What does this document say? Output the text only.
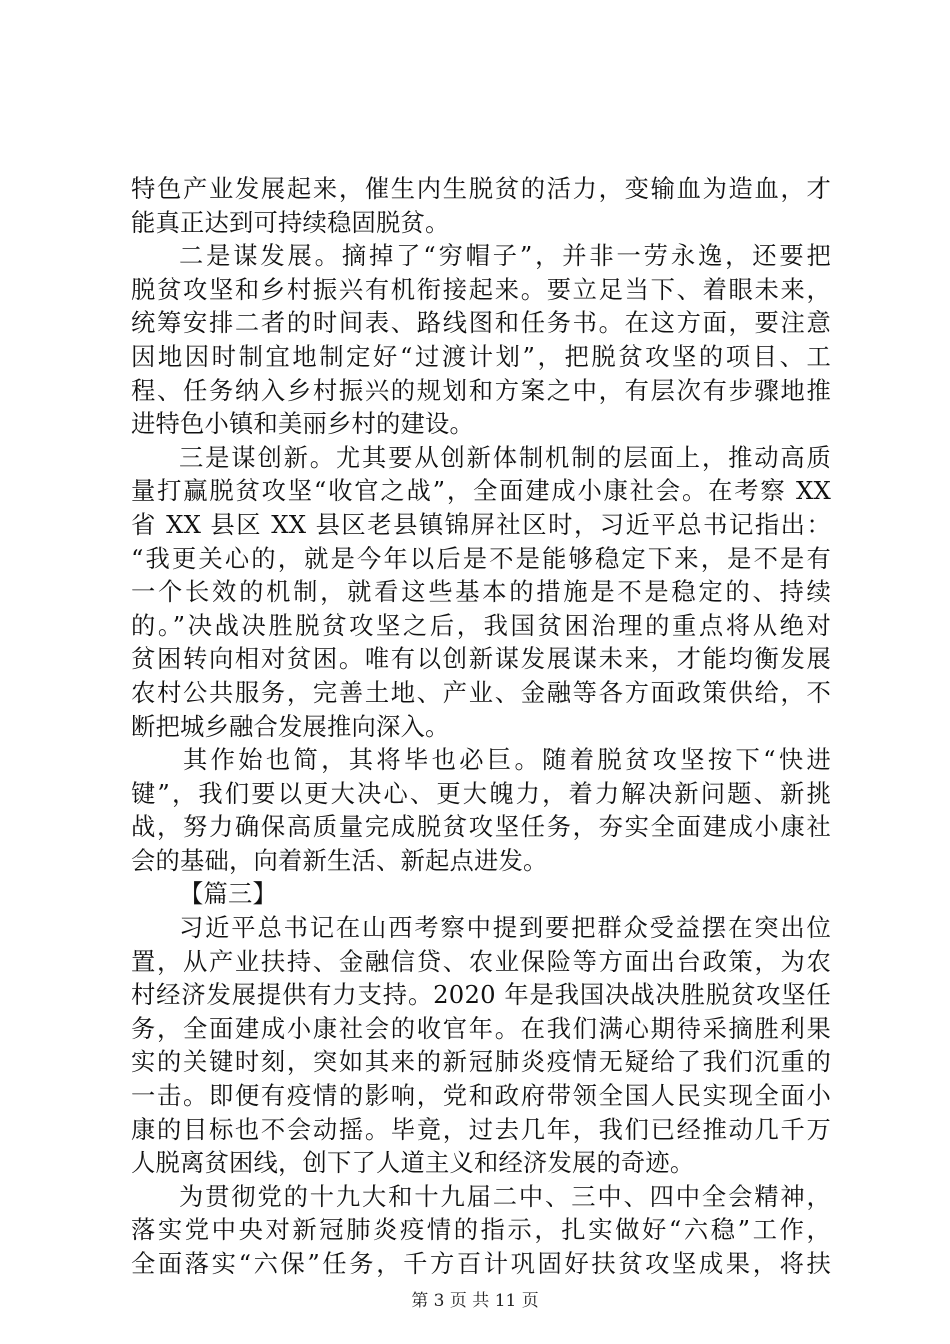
特色产业发展起来，催生内生脱贫的活力，变输血为造血，才
能真正达到可持续稳固脱贫。
二是谋发展。摘掉了“穷帽子”，并非一劳永逸，还要把
脱贫攻坚和乡村振兴有机衔接起来。要立足当下、着眼未来，
统筹安排二者的时间表、路线图和任务书。在这方面，要注意
因地因时制宜地制定好“过渡计划”，把脱贫攻坚的项目、工
程、任务纳入乡村振兴的规划和方案之中，有层次有步骤地推
进特色小镇和美丽乡村的建设。
三是谋创新。尤其要从创新体制机制的层面上，推动高质
量打赢脱贫攻坚“收官之战”，全面建成小康社会。在考察 XX
省 XX 县区 XX 县区老县镇锦屏社区时，习近平总书记指出：
“我更关心的，就是今年以后是不是能够稳定下来，是不是有
一个长效的机制，就看这些基本的措施是不是稳定的、持续
的。”决战决胜脱贫攻坚之后，我国贫困治理的重点将从绝对
贫困转向相对贫困。唯有以创新谋发展谋未来，才能均衡发展
农村公共服务，完善土地、产业、金融等各方面政策供给，不
断把城乡融合发展推向深入。
其作始也简，其将毕也必巨。随着脱贫攻坚按下“快进
键”，我们要以更大决心、更大魄力，着力解决新问题、新挑
战，努力确保高质量完成脱贫攻坚任务，夯实全面建成小康社
会的基础，向着新生活、新起点进发。
【篇三】
习近平总书记在山西考察中提到要把群众受益摆在突出位
置，从产业扶持、金融信贷、农业保险等方面出台政策，为农
村经济发展提供有力支持。2020 年是我国决战决胜脱贫攻坚任
务，全面建成小康社会的收官年。在我们满心期待采摘胜利果
实的关键时刻，突如其来的新冠肺炎疫情无疑给了我们沉重的
一击。即便有疫情的影响，党和政府带领全国人民实现全面小
康的目标也不会动摇。毕竟，过去几年，我们已经推动几千万
人脱离贫困线，创下了人道主义和经济发展的奇迹。
为贯彻党的十九大和十九届二中、三中、四中全会精神，
落实党中央对新冠肺炎疫情的指示，扎实做好“六稳”工作，
全面落实“六保”任务，千方百计巩固好扶贫攻坚成果，将扶
第 3 页 共 11 页
